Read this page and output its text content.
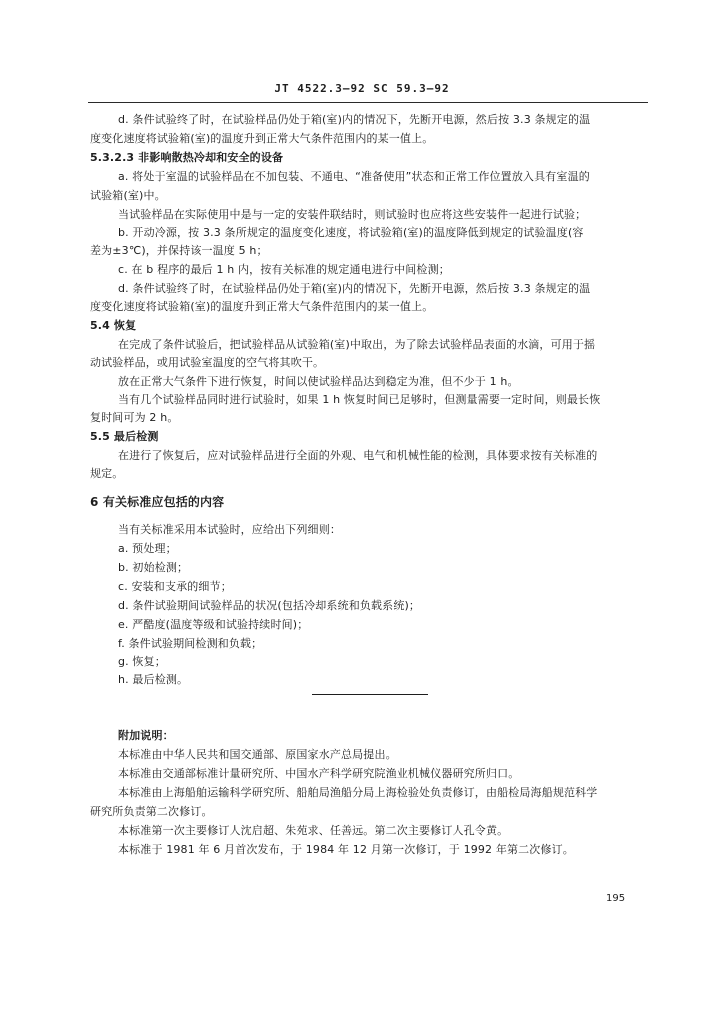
JT 4522.3—92 SC 59.3—92
d. 条件试验终了时，在试验样品仍处于箱(室)内的情况下，先断开电源，然后按 3.3 条规定的温
度变化速度将试验箱(室)的温度升到正常大气条件范围内的某一值上。
5.3.2.3 非影响散热冷却和安全的设备
a. 将处于室温的试验样品在不加包装、不通电、“准备使用”状态和正常工作位置放入具有室温的
试验箱(室)中。
当试验样品在实际使用中是与一定的安装件联结时，则试验时也应将这些安装件一起进行试验；
b. 开动冷源，按 3.3 条所规定的温度变化速度，将试验箱(室)的温度降低到规定的试验温度(容
差为±3℃)，并保持该一温度 5 h；
c. 在 b 程序的最后 1 h 内，按有关标准的规定通电进行中间检测；
d. 条件试验终了时，在试验样品仍处于箱(室)内的情况下，先断开电源，然后按 3.3 条规定的温
度变化速度将试验箱(室)的温度升到正常大气条件范围内的某一值上。
5.4 恢复
在完成了条件试验后，把试验样品从试验箱(室)中取出，为了除去试验样品表面的水滴，可用于摇
动试验样品，或用试验室温度的空气将其吹干。
放在正常大气条件下进行恢复，时间以使试验样品达到稳定为准，但不少于 1 h。
当有几个试验样品同时进行试验时，如果 1 h 恢复时间已足够时，但测量需要一定时间，则最长恢
复时间可为 2 h。
5.5 最后检测
在进行了恢复后，应对试验样品进行全面的外观、电气和机械性能的检测，具体要求按有关标准的
规定。
6 有关标准应包括的内容
当有关标准采用本试验时，应给出下列细则：
a. 预处理；
b. 初始检测；
c. 安装和支承的细节；
d. 条件试验期间试验样品的状况(包括冷却系统和负载系统)；
e. 严酷度(温度等级和试验持续时间)；
f. 条件试验期间检测和负载；
g. 恢复；
h. 最后检测。
附加说明：
本标准由中华人民共和国交通部、原国家水产总局提出。
本标准由交通部标准计量研究所、中国水产科学研究院渔业机械仪器研究所归口。
本标准由上海船舶运输科学研究所、船舶局渔船分局上海检验处负责修订，由船检局海船规范科学
研究所负责第二次修订。
本标准第一次主要修订人沈启超、朱苑求、任善远。第二次主要修订人孔令黄。
本标准于 1981 年 6 月首次发布，于 1984 年 12 月第一次修订，于 1992 年第二次修订。
195
